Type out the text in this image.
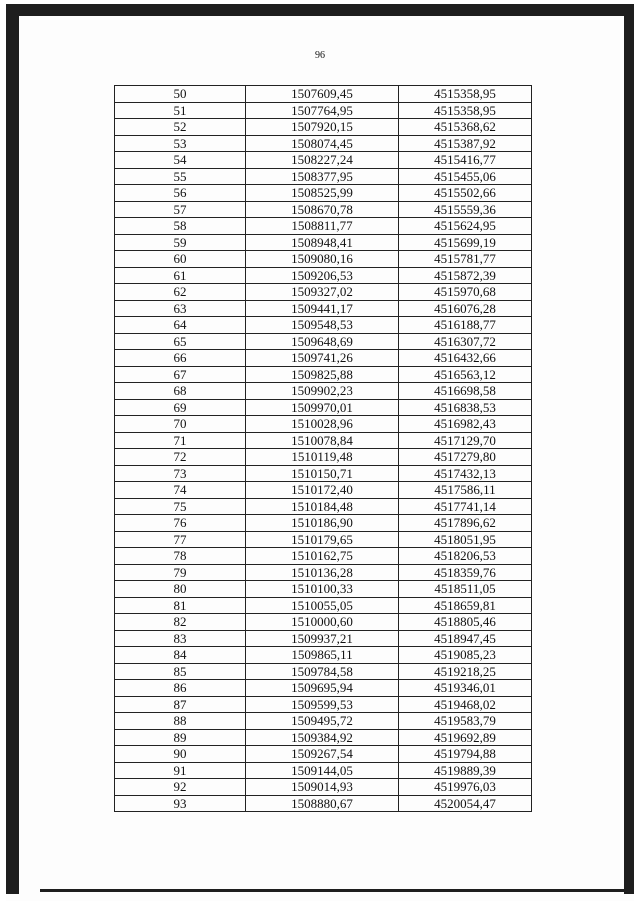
96
50	1507609,45	4515358,95
51	1507764,95	4515358,95
52	1507920,15	4515368,62
53	1508074,45	4515387,92
54	1508227,24	4515416,77
55	1508377,95	4515455,06
56	1508525,99	4515502,66
57	1508670,78	4515559,36
58	1508811,77	4515624,95
59	1508948,41	4515699,19
60	1509080,16	4515781,77
61	1509206,53	4515872,39
62	1509327,02	4515970,68
63	1509441,17	4516076,28
64	1509548,53	4516188,77
65	1509648,69	4516307,72
66	1509741,26	4516432,66
67	1509825,88	4516563,12
68	1509902,23	4516698,58
69	1509970,01	4516838,53
70	1510028,96	4516982,43
71	1510078,84	4517129,70
72	1510119,48	4517279,80
73	1510150,71	4517432,13
74	1510172,40	4517586,11
75	1510184,48	4517741,14
76	1510186,90	4517896,62
77	1510179,65	4518051,95
78	1510162,75	4518206,53
79	1510136,28	4518359,76
80	1510100,33	4518511,05
81	1510055,05	4518659,81
82	1510000,60	4518805,46
83	1509937,21	4518947,45
84	1509865,11	4519085,23
85	1509784,58	4519218,25
86	1509695,94	4519346,01
87	1509599,53	4519468,02
88	1509495,72	4519583,79
89	1509384,92	4519692,89
90	1509267,54	4519794,88
91	1509144,05	4519889,39
92	1509014,93	4519976,03
93	1508880,67	4520054,47
